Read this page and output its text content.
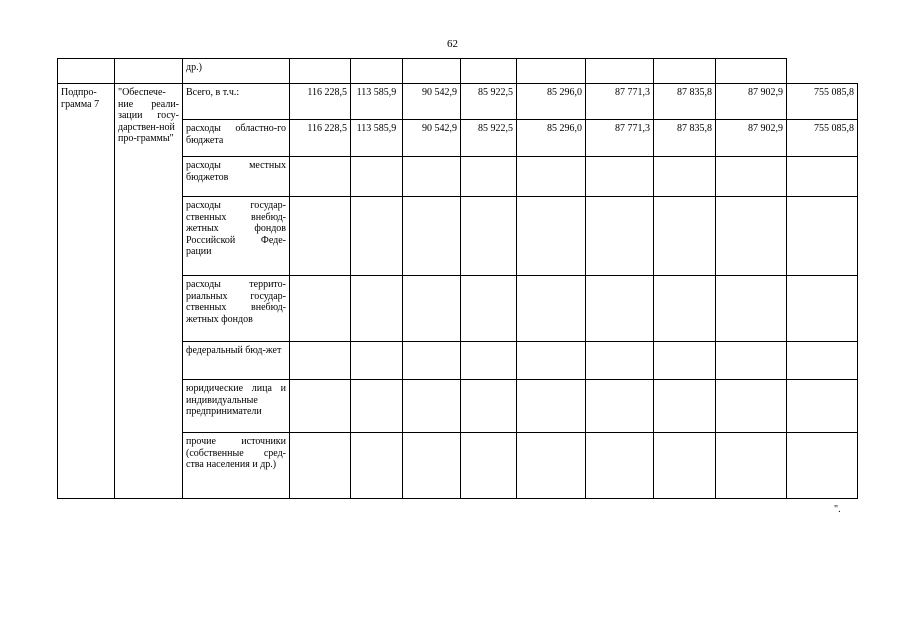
62
		др.)									
Подпро-грамма 7	"Обеспече-ние реали-зации госу-дарствен-ной про-граммы"	Всего, в т.ч.:	116 228,5	113 585,9	90 542,9	85 922,5	85 296,0	87 771,3	87 835,8	87 902,9	755 085,8
		расходы областно-го бюджета	116 228,5	113 585,9	90 542,9	85 922,5	85 296,0	87 771,3	87 835,8	87 902,9	755 085,8
		расходы местных бюджетов									
		расходы государ-ственных внебюд-жетных фондов Российской Феде-рации									
		расходы террито-риальных государ-ственных внебюд-жетных фондов									
		федеральный бюд-жет									
		юридические лица и индивидуальные предприниматели									
		прочие источники (собственные сред-ства населения и др.)									
".
